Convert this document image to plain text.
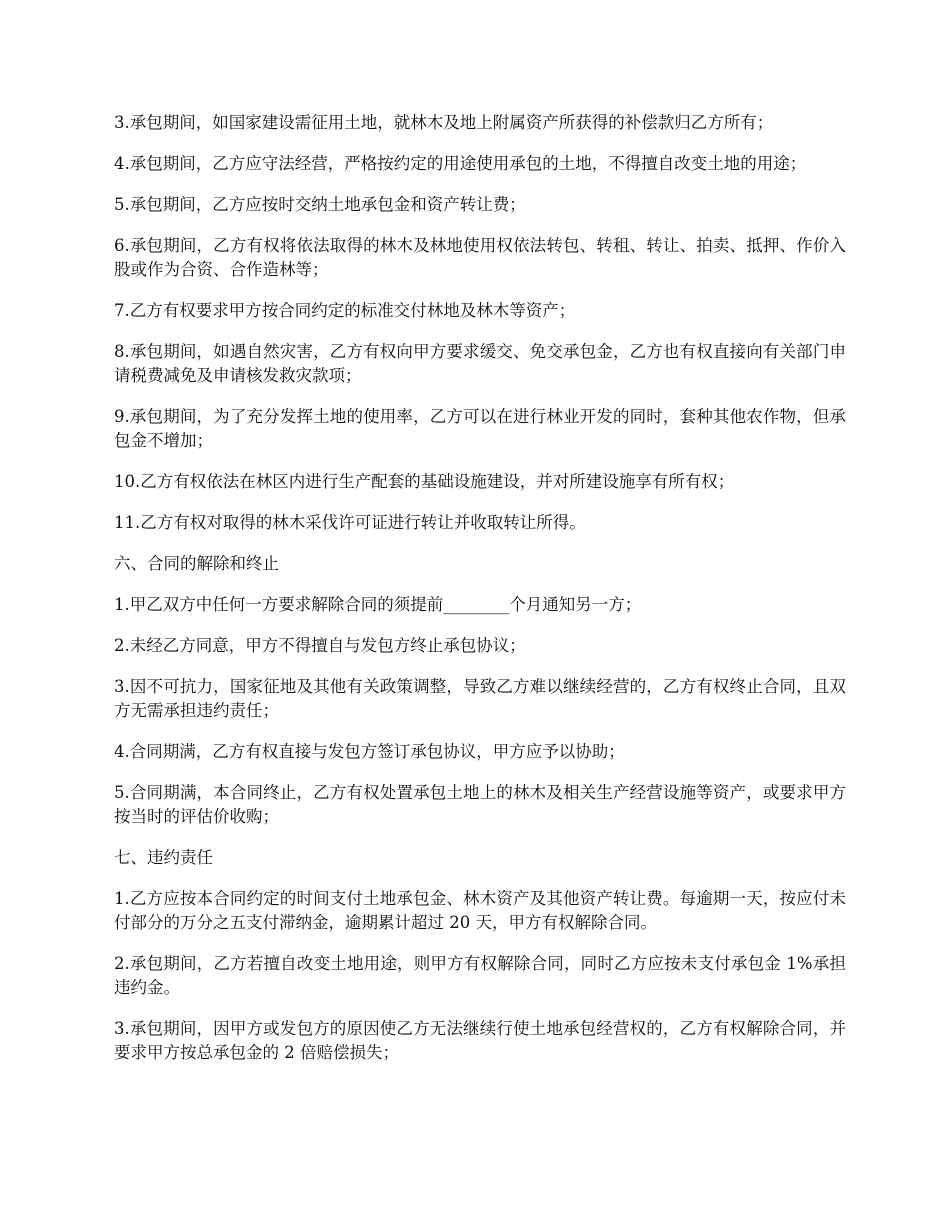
3.承包期间，如国家建设需征用土地，就林木及地上附属资产所获得的补偿款归乙方所有；

4.承包期间，乙方应守法经营，严格按约定的用途使用承包的土地，不得擅自改变土地的用途；

5.承包期间，乙方应按时交纳土地承包金和资产转让费；

6.承包期间，乙方有权将依法取得的林木及林地使用权依法转包、转租、转让、拍卖、抵押、作价入股或作为合资、合作造林等；

7.乙方有权要求甲方按合同约定的标准交付林地及林木等资产；

8.承包期间，如遇自然灾害，乙方有权向甲方要求缓交、免交承包金，乙方也有权直接向有关部门申请税费减免及申请核发救灾款项；

9.承包期间，为了充分发挥土地的使用率，乙方可以在进行林业开发的同时，套种其他农作物，但承包金不增加；

10.乙方有权依法在林区内进行生产配套的基础设施建设，并对所建设施享有所有权；

11.乙方有权对取得的林木采伐许可证进行转让并收取转让所得。

六、合同的解除和终止

1.甲乙双方中任何一方要求解除合同的须提前________个月通知另一方；

2.未经乙方同意，甲方不得擅自与发包方终止承包协议；

3.因不可抗力，国家征地及其他有关政策调整，导致乙方难以继续经营的，乙方有权终止合同，且双方无需承担违约责任；

4.合同期满，乙方有权直接与发包方签订承包协议，甲方应予以协助；

5.合同期满，本合同终止，乙方有权处置承包土地上的林木及相关生产经营设施等资产，或要求甲方按当时的评估价收购；

七、违约责任

1.乙方应按本合同约定的时间支付土地承包金、林木资产及其他资产转让费。每逾期一天，按应付未付部分的万分之五支付滞纳金，逾期累计超过 20 天，甲方有权解除合同。

2.承包期间，乙方若擅自改变土地用途，则甲方有权解除合同，同时乙方应按未支付承包金 1%承担违约金。

3.承包期间，因甲方或发包方的原因使乙方无法继续行使土地承包经营权的，乙方有权解除合同，并要求甲方按总承包金的 2 倍赔偿损失；
